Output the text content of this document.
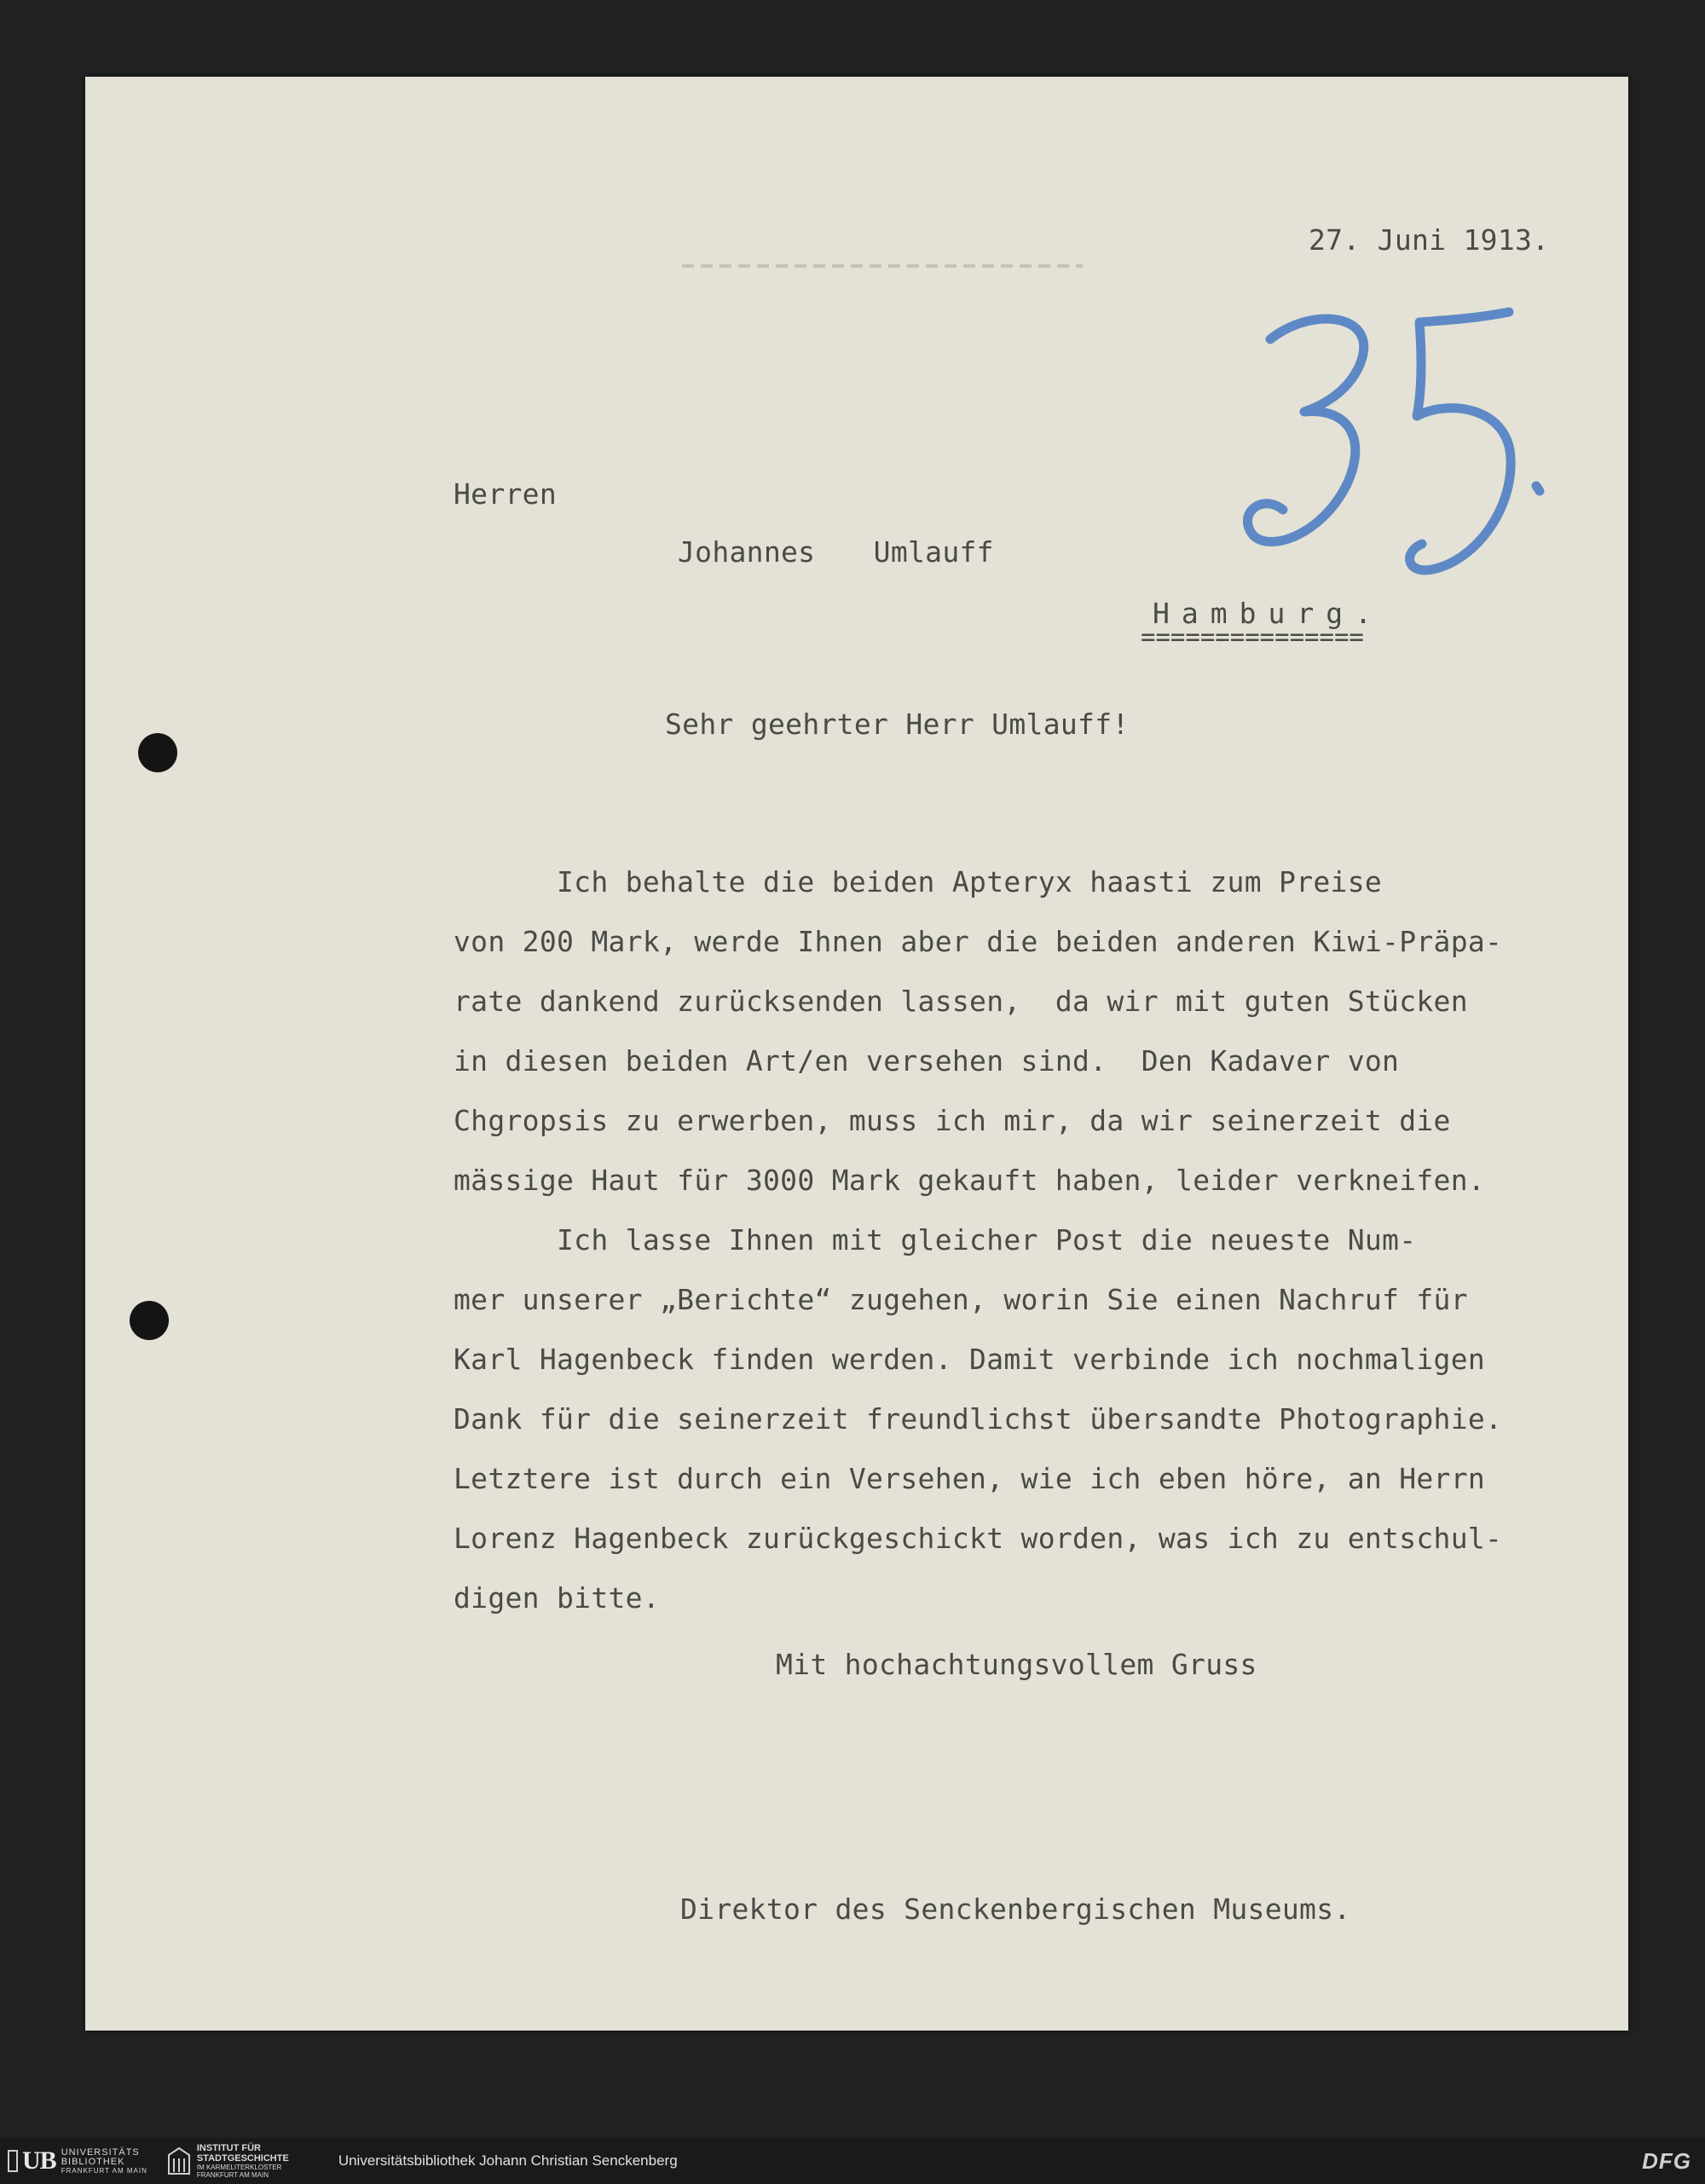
27. Juni 1913.
Herren
Johannes  Umlauff
Hamburg.
===============
Sehr geehrter Herr Umlauff!
Ich behalte die beiden Apteryx haasti zum Preise
von 200 Mark, werde Ihnen aber die beiden anderen Kiwi-Präpa-
rate dankend zurücksenden lassen,  da wir mit guten Stücken
in diesen beiden Art/en versehen sind.  Den Kadaver von
Chgropsis zu erwerben, muss ich mir, da wir seinerzeit die
mässige Haut für 3000 Mark gekauft haben, leider verkneifen.
Ich lasse Ihnen mit gleicher Post die neueste Num-
mer unserer „Berichte“ zugehen, worin Sie einen Nachruf für
Karl Hagenbeck finden werden. Damit verbinde ich nochmaligen
Dank für die seinerzeit freundlichst übersandte Photographie.
Letztere ist durch ein Versehen, wie ich eben höre, an Herrn
Lorenz Hagenbeck zurückgeschickt worden, was ich zu entschul-
digen bitte.
Mit hochachtungsvollem Gruss
Direktor des Senckenbergischen Museums.
UB UNIVERSITÄTS
BIBLIOTHEK
FRANKFURT AM MAIN
INSTITUT FÜR
STADTGESCHICHTE
IM KARMELITERKLOSTER
FRANKFURT AM MAIN
Universitätsbibliothek Johann Christian Senckenberg	DFG
